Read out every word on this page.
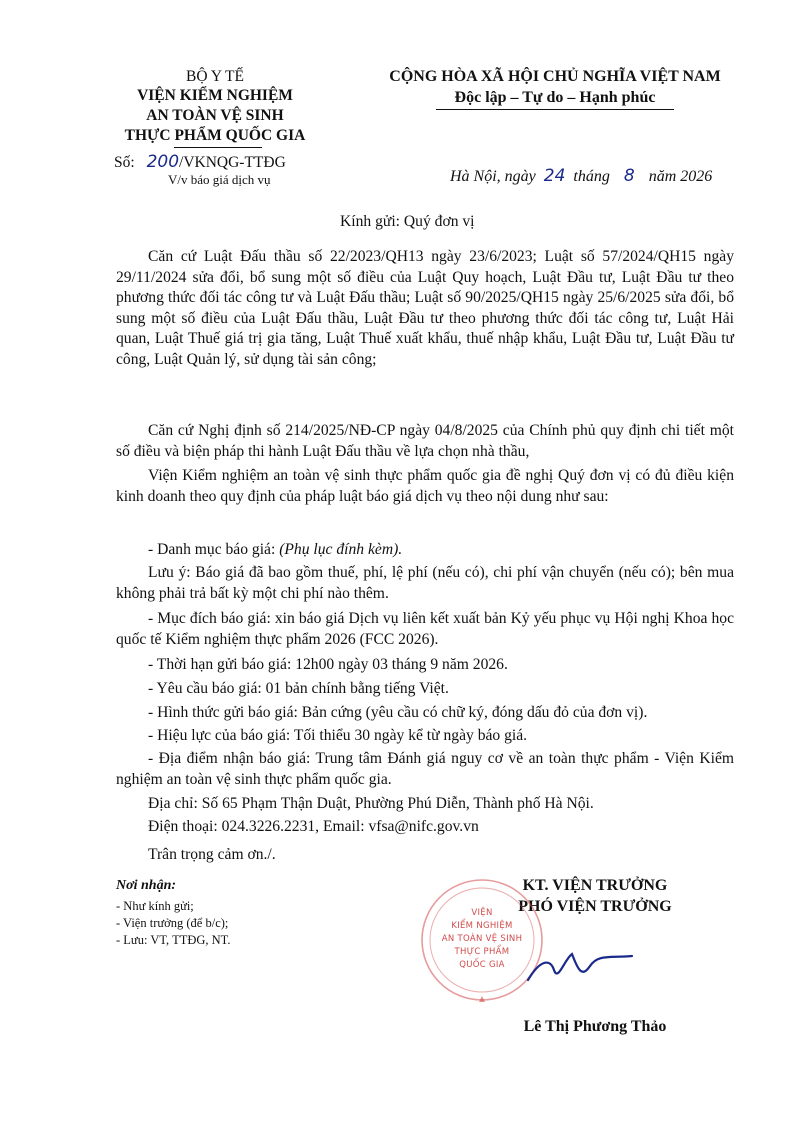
BỘ Y TẾ
VIỆN KIỂM NGHIỆM
AN TOÀN VỆ SINH
THỰC PHẨM QUỐC GIA
Số: 200/VKNQG-TTĐG
V/v báo giá dịch vụ
CỘNG HÒA XÃ HỘI CHỦ NGHĨA VIỆT NAM
Độc lập – Tự do – Hạnh phúc
Hà Nội, ngày 24 tháng 8 năm 2026
Kính gửi: Quý đơn vị
Căn cứ Luật Đấu thầu số 22/2023/QH13 ngày 23/6/2023; Luật số 57/2024/QH15 ngày 29/11/2024 sửa đổi, bổ sung một số điều của Luật Quy hoạch, Luật Đầu tư, Luật Đầu tư theo phương thức đối tác công tư và Luật Đấu thầu; Luật số 90/2025/QH15 ngày 25/6/2025 sửa đổi, bổ sung một số điều của Luật Đấu thầu, Luật Đầu tư theo phương thức đối tác công tư, Luật Hải quan, Luật Thuế giá trị gia tăng, Luật Thuế xuất khẩu, thuế nhập khẩu, Luật Đầu tư, Luật Đầu tư công, Luật Quản lý, sử dụng tài sản công;
Căn cứ Nghị định số 214/2025/NĐ-CP ngày 04/8/2025 của Chính phủ quy định chi tiết một số điều và biện pháp thi hành Luật Đấu thầu về lựa chọn nhà thầu,
Viện Kiểm nghiệm an toàn vệ sinh thực phẩm quốc gia đề nghị Quý đơn vị có đủ điều kiện kinh doanh theo quy định của pháp luật báo giá dịch vụ theo nội dung như sau:
- Danh mục báo giá: (Phụ lục đính kèm).
Lưu ý: Báo giá đã bao gồm thuế, phí, lệ phí (nếu có), chi phí vận chuyển (nếu có); bên mua không phải trả bất kỳ một chi phí nào thêm.
- Mục đích báo giá: xin báo giá Dịch vụ liên kết xuất bản Kỷ yếu phục vụ Hội nghị Khoa học quốc tế Kiểm nghiệm thực phẩm 2026 (FCC 2026).
- Thời hạn gửi báo giá: 12h00 ngày 03 tháng 9 năm 2026.
- Yêu cầu báo giá: 01 bản chính bằng tiếng Việt.
- Hình thức gửi báo giá: Bản cứng (yêu cầu có chữ ký, đóng dấu đỏ của đơn vị).
- Hiệu lực của báo giá: Tối thiểu 30 ngày kể từ ngày báo giá.
- Địa điểm nhận báo giá: Trung tâm Đánh giá nguy cơ về an toàn thực phẩm - Viện Kiểm nghiệm an toàn vệ sinh thực phẩm quốc gia.
Địa chỉ: Số 65 Phạm Thận Duật, Phường Phú Diễn, Thành phố Hà Nội.
Điện thoại: 024.3226.2231, Email: vfsa@nifc.gov.vn
Trân trọng cảm ơn./.
Nơi nhận:
- Như kính gửi;
- Viện trưởng (để b/c);
- Lưu: VT, TTĐG, NT.
KT. VIỆN TRƯỞNG
PHÓ VIỆN TRƯỞNG
VIỆN
KIỂM NGHIỆM
AN TOÀN VỆ SINH
THỰC PHẨM
QUỐC GIA
Lê Thị Phương Thảo
